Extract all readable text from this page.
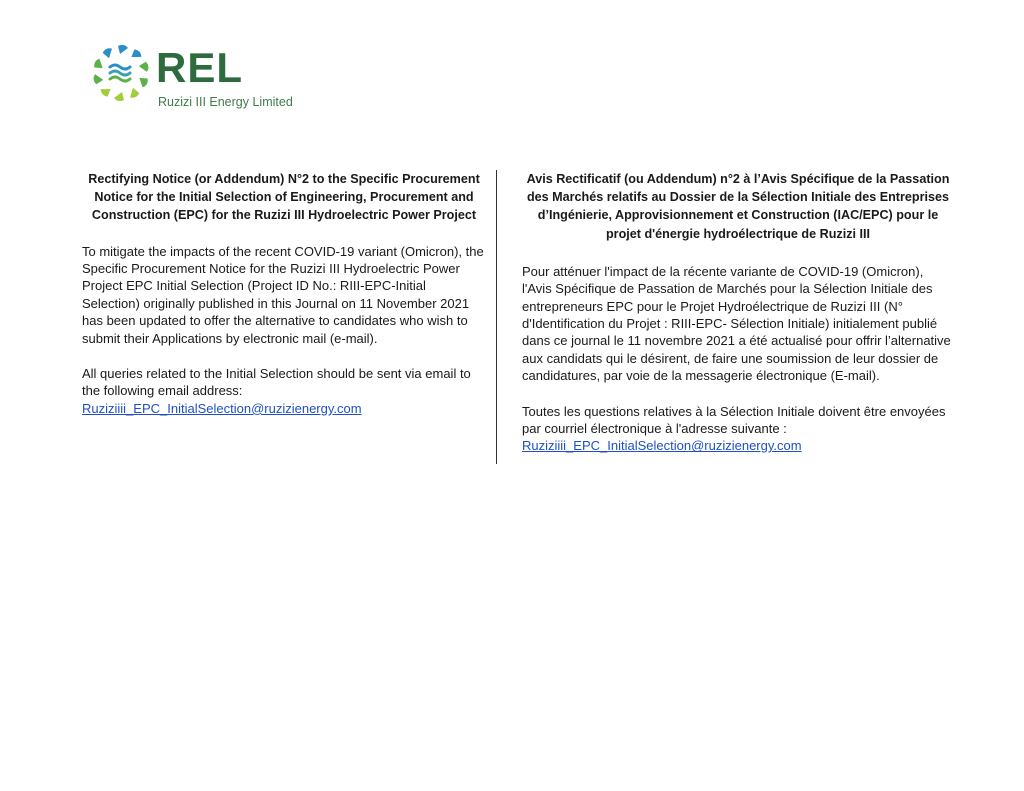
REL
Ruzizi III Energy Limited
Rectifying Notice (or Addendum) N°2 to the Specific Procurement Notice for the Initial Selection of Engineering, Procurement and Construction (EPC) for the Ruzizi III Hydroelectric Power Project
To mitigate the impacts of the recent COVID-19 variant (Omicron), the Specific Procurement Notice for the Ruzizi III Hydroelectric Power Project EPC Initial Selection (Project ID No.: RIII-EPC-Initial Selection) originally published in this Journal on 11 November 2021 has been updated to offer the alternative to candidates who wish to submit their Applications by electronic mail (e-mail).
All queries related to the Initial Selection should be sent via email to the following email address:
Ruziziiii_EPC_InitialSelection@ruzizienergy.com
Avis Rectificatif (ou Addendum) n°2 à l’Avis Spécifique de la Passation des Marchés relatifs au Dossier de la Sélection Initiale des Entreprises d’Ingénierie, Approvisionnement et Construction (IAC/EPC) pour le projet d'énergie hydroélectrique de Ruzizi III
Pour atténuer l'impact de la récente variante de COVID-19 (Omicron), l'Avis Spécifique de Passation de Marchés pour la Sélection Initiale des entrepreneurs EPC pour le Projet Hydroélectrique de Ruzizi III (N° d'Identification du Projet : RIII-EPC- Sélection Initiale) initialement publié dans ce journal le 11 novembre 2021 a été actualisé pour offrir l’alternative aux candidats qui le désirent, de faire une soumission de leur dossier de candidatures, par voie de la messagerie électronique (E-mail).
Toutes les questions relatives à la Sélection Initiale doivent être envoyées par courriel électronique à l'adresse suivante :
Ruziziiii_EPC_InitialSelection@ruzizienergy.com
